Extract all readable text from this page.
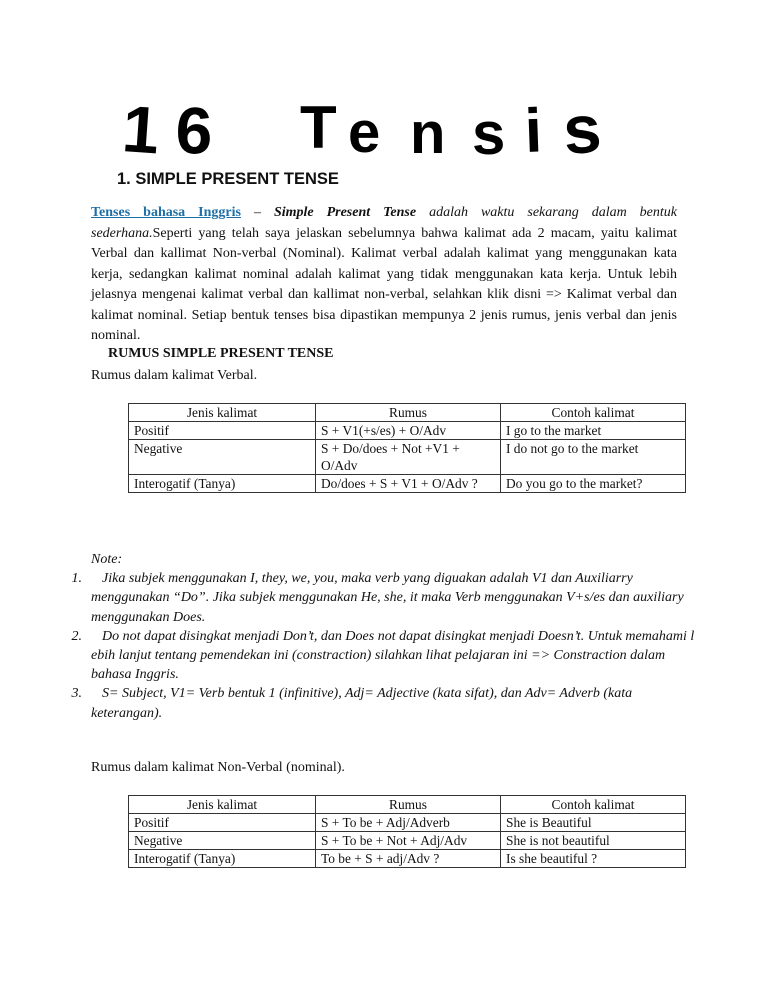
1 6 T e n s i s
1. SIMPLE PRESENT TENSE
Tenses bahasa Inggris – Simple Present Tense adalah waktu sekarang dalam bentuk sederhana.Seperti yang telah saya jelaskan sebelumnya bahwa kalimat ada 2 macam, yaitu kalimat Verbal dan kallimat Non-verbal (Nominal). Kalimat verbal adalah kalimat yang menggunakan kata kerja, sedangkan kalimat nominal adalah kalimat yang tidak menggunakan kata kerja. Untuk lebih jelasnya mengenai kalimat verbal dan kallimat non-verbal, selahkan klik disni => Kalimat verbal dan kalimat nominal. Setiap bentuk tenses bisa dipastikan mempunya 2 jenis rumus, jenis verbal dan jenis nominal.
RUMUS SIMPLE PRESENT TENSE
Rumus dalam kalimat Verbal.
Jenis kalimat	Rumus	Contoh kalimat
Positif	S + V1(+s/es) + O/Adv	I go to the market
Negative	S + Do/does + Not +V1 + O/Adv	I do not go to the market
Interogatif (Tanya)	Do/does + S + V1 + O/Adv ?	Do you go to the market?
Note:
1. Jika subjek menggunakan I, they, we, you, maka verb yang diguakan adalah V1 dan Auxiliarry menggunakan “Do”. Jika subjek menggunakan He, she, it maka Verb menggunakan V+s/es dan auxiliary menggunakan Does.
2. Do not dapat disingkat menjadi Don’t, dan Does not dapat disingkat menjadi Doesn’t. Untuk memahami l ebih lanjut tentang pemendekan ini (constraction) silahkan lihat pelajaran ini => Constraction dalam bahasa Inggris.
3. S= Subject, V1= Verb bentuk 1 (infinitive), Adj= Adjective (kata sifat), dan Adv= Adverb (kata keterangan).
Rumus dalam kalimat Non-Verbal (nominal).
Jenis kalimat	Rumus	Contoh kalimat
Positif	S + To be + Adj/Adverb	She is Beautiful
Negative	S + To be + Not + Adj/Adv	She is not beautiful
Interogatif (Tanya)	To be + S + adj/Adv ?	Is she beautiful ?
